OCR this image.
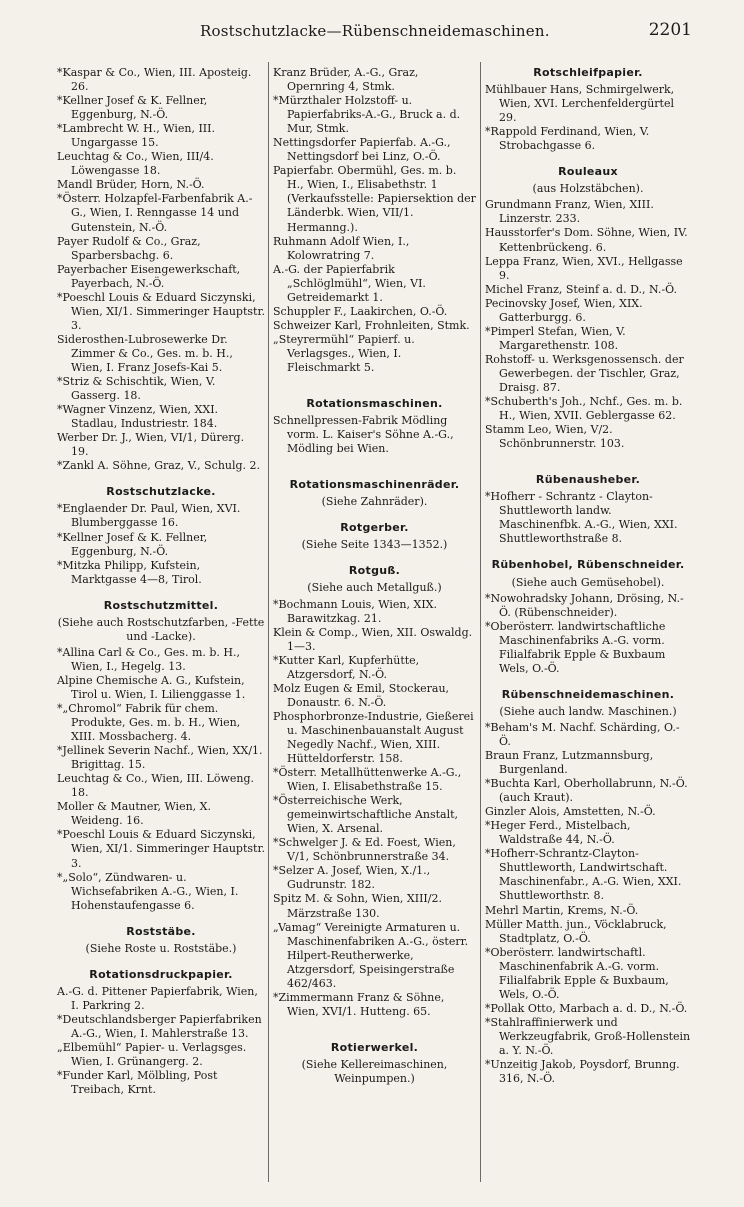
Rostschutzlacke—Rübenschneidemaschinen.	2201

*Kaspar & Co., Wien, III. Aposteig. 26.

*Kellner Josef & K. Fellner, Eggenburg, N.-Ö.

*Lambrecht W. H., Wien, III. Ungargasse 15.

Leuchtag & Co., Wien, III/4. Löwengasse 18.

Mandl Brüder, Horn, N.-Ö.

*Österr. Holzapfel-Farbenfabrik A.-G., Wien, I. Renngasse 14 und Gutenstein, N.-Ö.

Payer Rudolf & Co., Graz, Sparbersbachg. 6.

Payerbacher Eisengewerkschaft, Payerbach, N.-Ö.

*Poeschl Louis & Eduard Siczynski, Wien, XI/1. Simmeringer Hauptstr. 3.

Siderosthen-Lubrosewerke Dr. Zimmer & Co., Ges. m. b. H., Wien, I. Franz Josefs-Kai 5.

*Striz & Schischtik, Wien, V. Gasserg. 18.

*Wagner Vinzenz, Wien, XXI. Stadlau, Industriestr. 184.

Werber Dr. J., Wien, VI/1, Dürerg. 19.

*Zankl A. Söhne, Graz, V., Schulg. 2.

Rostschutzlacke.

*Englaender Dr. Paul, Wien, XVI. Blumberggasse 16.

*Kellner Josef & K. Fellner, Eggenburg, N.-Ö.

*Mitzka Philipp, Kufstein, Marktgasse 4—8, Tirol.

Rostschutzmittel.

(Siehe auch Rostschutzfarben, -Fette und -Lacke).

*Allina Carl & Co., Ges. m. b. H., Wien, I., Hegelg. 13.

Alpine Chemische A. G., Kufstein, Tirol u. Wien, I. Lilienggasse 1.

*„Chromol“ Fabrik für chem. Produkte, Ges. m. b. H., Wien, XIII. Mossbacherg. 4.

*Jellinek Severin Nachf., Wien, XX/1. Brigittag. 15.

Leuchtag & Co., Wien, III. Löweng. 18.

Moller & Mautner, Wien, X. Weideng. 16.

*Poeschl Louis & Eduard Siczynski, Wien, XI/1. Simmeringer Hauptstr. 3.

*„Solo“, Zündwaren- u. Wichsefabriken A.-G., Wien, I. Hohenstaufengasse 6.

Roststäbe.

(Siehe Roste u. Roststäbe.)

Rotationsdruckpapier.

A.-G. d. Pittener Papierfabrik, Wien, I. Parkring 2.

*Deutschlandsberger Papierfabriken A.-G., Wien, I. Mahlerstraße 13.

„Elbemühl“ Papier- u. Verlagsges. Wien, I. Grünangerg. 2.

*Funder Karl, Mölbling, Post Treibach, Krnt.

Kranz Brüder, A.-G., Graz, Opernring 4, Stmk.

*Mürzthaler Holzstoff- u. Papierfabriks-A.-G., Bruck a. d. Mur, Stmk.

Nettingsdorfer Papierfab. A.-G., Nettingsdorf bei Linz, O.-Ö.

Papierfabr. Obermühl, Ges. m. b. H., Wien, I., Elisabethstr. 1 (Verkaufsstelle: Papiersektion der Länderbk. Wien, VII/1. Hermanng.).

Ruhmann Adolf Wien, I., Kolowratring 7.

A.-G. der Papierfabrik „Schlöglmühl“, Wien, VI. Getreidemarkt 1.

Schuppler F., Laakirchen, O.-Ö.

Schweizer Karl, Frohnleiten, Stmk.

„Steyrermühl“ Papierf. u. Verlagsges., Wien, I. Fleischmarkt 5.

Rotationsmaschinen.

Schnellpressen-Fabrik Mödling vorm. L. Kaiser's Söhne A.-G., Mödling bei Wien.

Rotationsmaschinenräder.

(Siehe Zahnräder).

Rotgerber.

(Siehe Seite 1343—1352.)

Rotguß.

(Siehe auch Metallguß.)

*Bochmann Louis, Wien, XIX. Barawitzkag. 21.

Klein & Comp., Wien, XII. Oswaldg. 1—3.

*Kutter Karl, Kupferhütte, Atzgersdorf, N.-Ö.

Molz Eugen & Emil, Stockerau, Donaustr. 6. N.-Ö.

Phosphorbronze-Industrie, Gießerei u. Maschinenbauanstalt August Negedly Nachf., Wien, XIII. Hütteldorferstr. 158.

*Österr. Metallhüttenwerke A.-G., Wien, I. Elisabethstraße 15.

*Österreichische Werk, gemeinwirtschaftliche Anstalt, Wien, X. Arsenal.

*Schwelger J. & Ed. Foest, Wien, V/1, Schönbrunnerstraße 34.

*Selzer A. Josef, Wien, X./1., Gudrunstr. 182.

Spitz M. & Sohn, Wien, XIII/2. Märzstraße 130.

„Vamag“ Vereinigte Armaturen u. Maschinenfabriken A.-G., österr. Hilpert-Reutherwerke, Atzgersdorf, Speisingerstraße 462/463.

*Zimmermann Franz & Söhne, Wien, XVI/1. Hutteng. 65.

Rotierwerkel.

(Siehe Kellereimaschinen, Weinpumpen.)

Rotschleifpapier.

Mühlbauer Hans, Schmirgelwerk, Wien, XVI. Lerchenfeldergürtel 29.

*Rappold Ferdinand, Wien, V. Strobachgasse 6.

Rouleaux

(aus Holzstäbchen).

Grundmann Franz, Wien, XIII. Linzerstr. 233.

Hausstorfer's Dom. Söhne, Wien, IV. Kettenbrückeng. 6.

Leppa Franz, Wien, XVI., Hellgasse 9.

Michel Franz, Steinf a. d. D., N.-Ö.

Pecinovsky Josef, Wien, XIX. Gatterburgg. 6.

*Pimperl Stefan, Wien, V. Margarethenstr. 108.

Rohstoff- u. Werksgenossensch. der Gewerbegen. der Tischler, Graz, Draisg. 87.

*Schuberth's Joh., Nchf., Ges. m. b. H., Wien, XVII. Geblergasse 62.

Stamm Leo, Wien, V/2. Schönbrunnerstr. 103.

Rübenausheber.

*Hofherr - Schrantz - Clayton-Shuttleworth landw. Maschinenfbk. A.-G., Wien, XXI. Shuttleworthstraße 8.

Rübenhobel, Rübenschneider.

(Siehe auch Gemüsehobel).

*Nowohradsky Johann, Drösing, N.-Ö. (Rübenschneider).

*Oberösterr. landwirtschaftliche Maschinenfabriks A.-G. vorm. Filialfabrik Epple & Buxbaum Wels, O.-Ö.

Rübenschneidemaschinen.

(Siehe auch landw. Maschinen.)

*Beham's M. Nachf. Schärding, O.-Ö.

Braun Franz, Lutzmannsburg, Burgenland.

*Buchta Karl, Oberhollabrunn, N.-Ö. (auch Kraut).

Ginzler Alois, Amstetten, N.-Ö.

*Heger Ferd., Mistelbach, Waldstraße 44, N.-Ö.

*Hofherr-Schrantz-Clayton-Shuttleworth, Landwirtschaft. Maschinenfabr., A.-G. Wien, XXI. Shuttleworthstr. 8.

Mehrl Martin, Krems, N.-Ö.

Müller Matth. jun., Vöcklabruck, Stadtplatz, O.-Ö.

*Oberösterr. landwirtschaftl. Maschinenfabrik A.-G. vorm. Filialfabrik Epple & Buxbaum, Wels, O.-Ö.

*Pollak Otto, Marbach a. d. D., N.-Ö.

*Stahlraffinierwerk und Werkzeugfabrik, Groß-Hollenstein a. Y. N.-Ö.

*Unzeitig Jakob, Poysdorf, Brunng. 316, N.-Ö.
